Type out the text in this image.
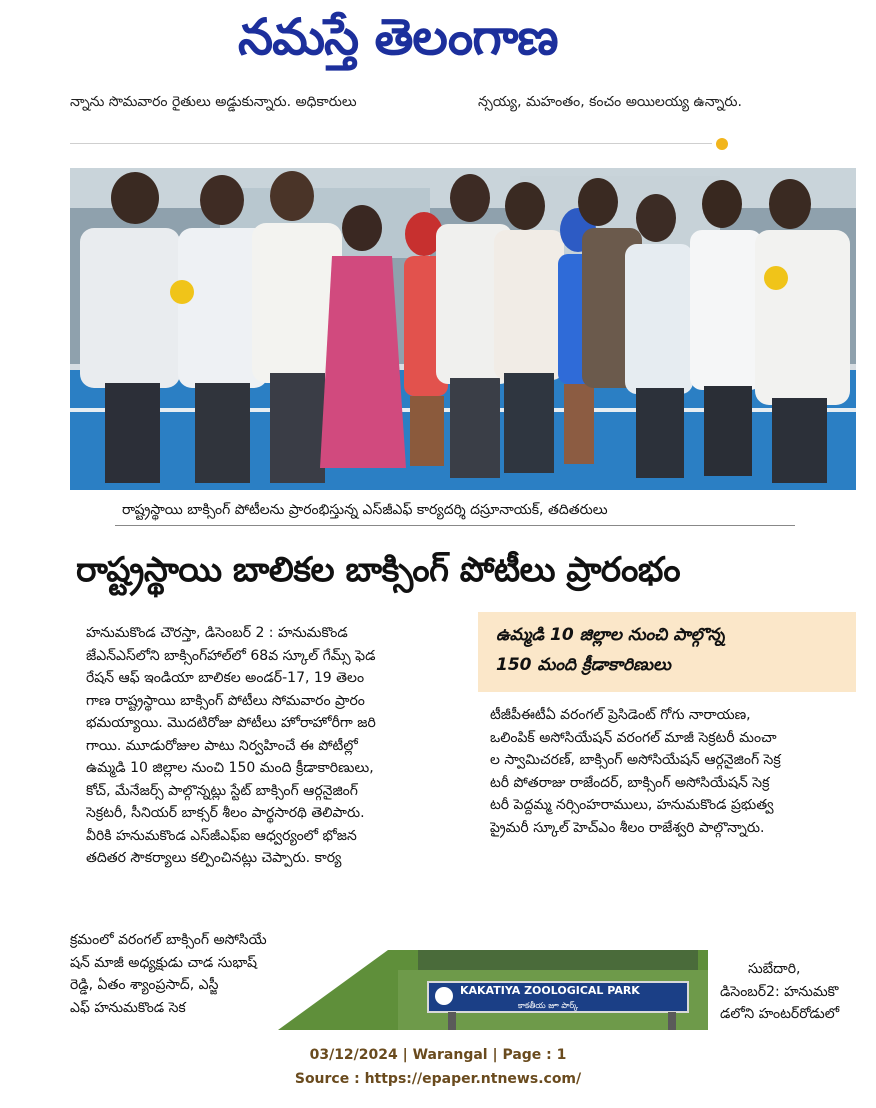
నమస్తే తెలంగాణ
న్నాను సొమవారం రైతులు అడ్డుకున్నారు. అధికారులు	న్సయ్య, మహంతం, కంచం అయిలయ్య ఉన్నారు.
రాష్ట్రస్థాయి బాక్సింగ్ పోటీలను ప్రారంభిస్తున్న ఎస్‌జీఎఫ్ కార్యదర్శి దస్రూనాయక్, తదితరులు
రాష్ట్రస్థాయి బాలికల బాక్సింగ్ పోటీలు ప్రారంభం
ఉమ్మడి 10 జిల్లాల నుంచి పాల్గొన్న
150 మంది క్రీడాకారిణులు
హనుమకొండ చౌరస్తా, డిసెంబర్ 2 : హనుమకొండ
జేఎన్ఎస్‌లోని బాక్సింగ్‌హాల్‌లో 68వ స్కూల్ గేమ్స్ ఫెడ
రేషన్ ఆఫ్ ఇండియా బాలికల అండర్-17, 19 తెలం
గాణ రాష్ట్రస్థాయి బాక్సింగ్ పోటీలు సోమవారం ప్రారం
భమయ్యాయి. మొదటిరోజు పోటీలు హోరాహోరీగా జరి
గాయి. మూడురోజుల పాటు నిర్వహించే ఈ పోటీల్లో
ఉమ్మడి 10 జిల్లాల నుంచి 150 మంది క్రీడాకారిణులు,
కోచ్, మేనేజర్స్ పాల్గొన్నట్లు స్టేట్ బాక్సింగ్ ఆర్గనైజింగ్
సెక్రటరీ, సీనియర్ బాక్సర్ శీలం పార్థసారథి తెలిపారు.
వీరికి హనుమకొండ ఎస్‌జీఎఫ్ఐ ఆధ్వర్యంలో భోజన
తదితర సౌకర్యాలు కల్పించినట్లు చెప్పారు. కార్య
క్రమంలో వరంగల్ బాక్సింగ్ అసోసియే
షన్ మాజీ అధ్యక్షుడు చాడ సుభాష్
రెడ్డి, ఏతం శ్యాంప్రసాద్, ఎస్జీ
ఎఫ్ హనుమకొండ సెక
టీజీపీఈటీఏ వరంగల్ ప్రెసిడెంట్ గోగు నారాయణ,
ఒలింపిక్ అసోసియేషన్ వరంగల్ మాజీ సెక్రటరీ మంచా
ల స్వామిచరణ్, బాక్సింగ్ అసోసియేషన్ ఆర్గనైజింగ్ సెక్ర
టరీ పోతరాజు రాజేందర్, బాక్సింగ్ అసోసియేషన్ సెక్ర
టరీ పెద్దమ్మ నర్సింహరాములు, హనుమకొండ ప్రభుత్వ
ప్రైమరీ స్కూల్ హెచ్ఎం శీలం రాజేశ్వరి పాల్గొన్నారు.
KAKATIYA ZOOLOGICAL PARK
కాకతీయ జూ పార్క్
సుబేదారి,
డిసెంబర్2: హనుమకొ
డలోని హంటర్‌రోడులో
03/12/2024 | Warangal | Page : 1
Source : https://epaper.ntnews.com/
